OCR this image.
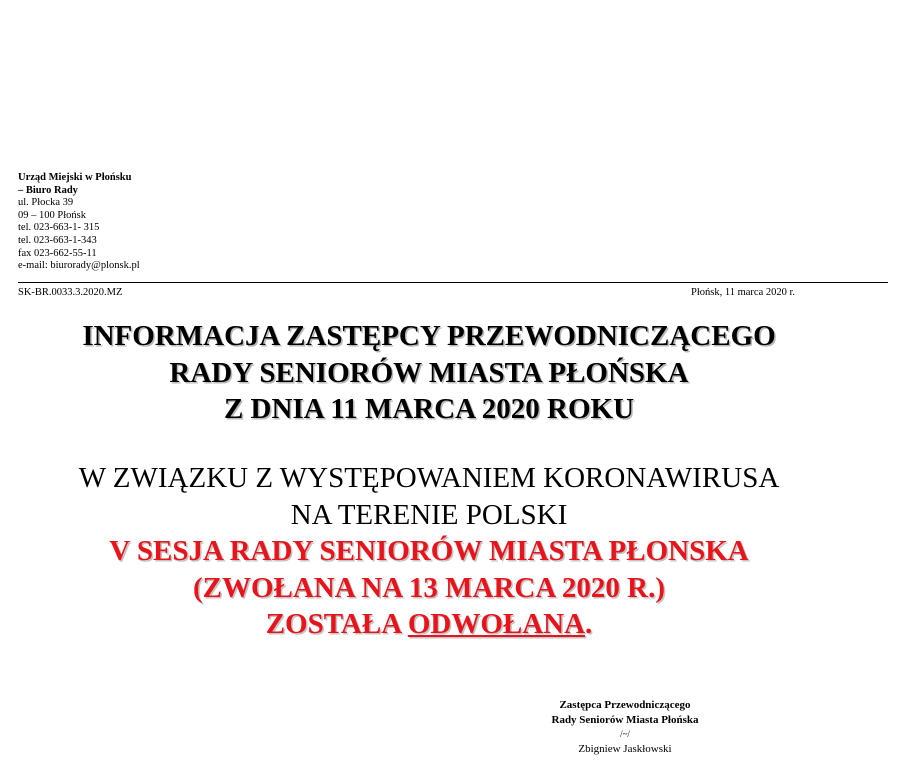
Urząd Miejski w Płońsku
– Biuro Rady
ul. Płocka 39
09 – 100 Płońsk
tel. 023-663-1- 315
tel. 023-663-1-343
fax 023-662-55-11
e-mail: biurorady@plonsk.pl
SK-BR.0033.3.2020.MZ	Płońsk, 11 marca 2020 r.
INFORMACJA ZASTĘPCY PRZEWODNICZĄCEGO
RADY SENIORÓW MIASTA PŁOŃSKA
Z DNIA 11 MARCA 2020 ROKU
W ZWIĄZKU Z WYSTĘPOWANIEM KORONAWIRUSA
NA TERENIE POLSKI
V SESJA RADY SENIORÓW MIASTA PŁONSKA
(ZWOŁANA NA 13 MARCA 2020 R.)
ZOSTAŁA ODWOŁANA.
Zastępca Przewodniczącego
Rady Seniorów Miasta Płońska
/~/
Zbigniew Jaskłowski
